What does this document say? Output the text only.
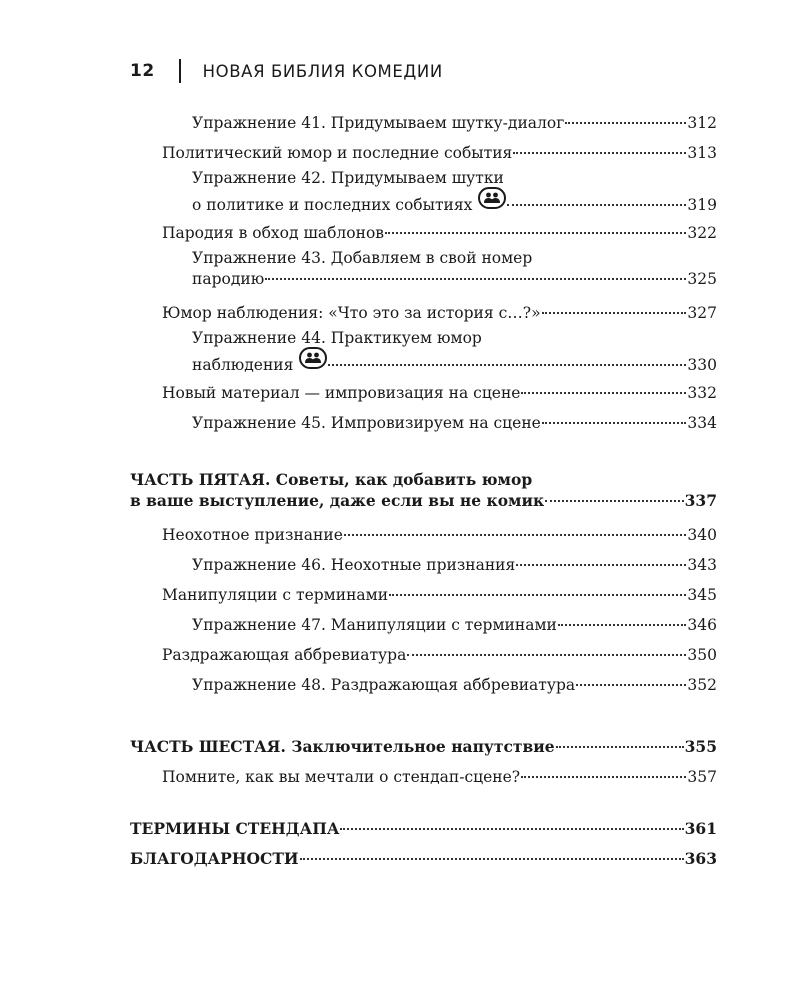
12	НОВАЯ БИБЛИЯ КОМЕДИИ
Упражнение 41. Придумываем шутку-диалог	312
Политический юмор и последние события	313
Упражнение 42. Придумываем шутки
о политике и последних событиях	319
Пародия в обход шаблонов	322
Упражнение 43. Добавляем в свой номер
пародию	325
Юмор наблюдения: «Что это за история с…?»	327
Упражнение 44. Практикуем юмор
наблюдения	330
Новый материал — импровизация на сцене	332
Упражнение 45. Импровизируем на сцене	334
ЧАСТЬ ПЯТАЯ. Советы, как добавить юмор
в ваше выступление, даже если вы не комик	337
Неохотное признание	340
Упражнение 46. Неохотные признания	343
Манипуляции с терминами	345
Упражнение 47. Манипуляции с терминами	346
Раздражающая аббревиатура	350
Упражнение 48. Раздражающая аббревиатура	352
ЧАСТЬ ШЕСТАЯ. Заключительное напутствие	355
Помните, как вы мечтали о стендап-сцене?	357
ТЕРМИНЫ СТЕНДАПА	361
БЛАГОДАРНОСТИ	363
